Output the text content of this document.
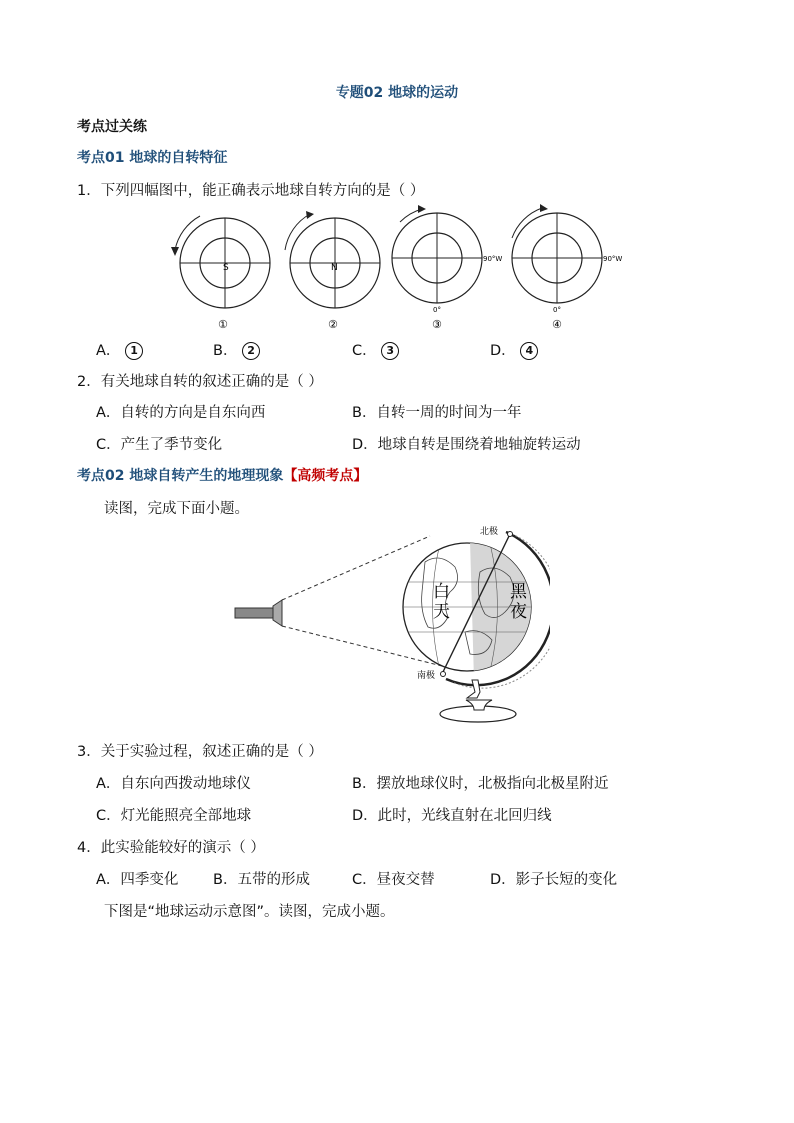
专题02 地球的运动
考点过关练
考点01 地球的自转特征
1．下列四幅图中，能正确表示地球自转方向的是（ ）
S
①
N
②
90°W
0°
③
90°W
0°
④
A． 1	B． 2	C． 3	D． 4
2．有关地球自转的叙述正确的是（ ）
A．自转的方向是自东向西	B．自转一周的时间为一年
C．产生了季节变化	D．地球自转是围绕着地轴旋转运动
考点02 地球自转产生的地理现象【高频考点】
读图，完成下面小题。
北极
南极
白
天
黑
夜
3．关于实验过程，叙述正确的是（ ）
A．自东向西拨动地球仪	B．摆放地球仪时，北极指向北极星附近
C．灯光能照亮全部地球	D．此时，光线直射在北回归线
4．此实验能较好的演示（ ）
A．四季变化 B．五带的形成	C．昼夜交替	D．影子长短的变化
下图是“地球运动示意图”。读图，完成小题。
